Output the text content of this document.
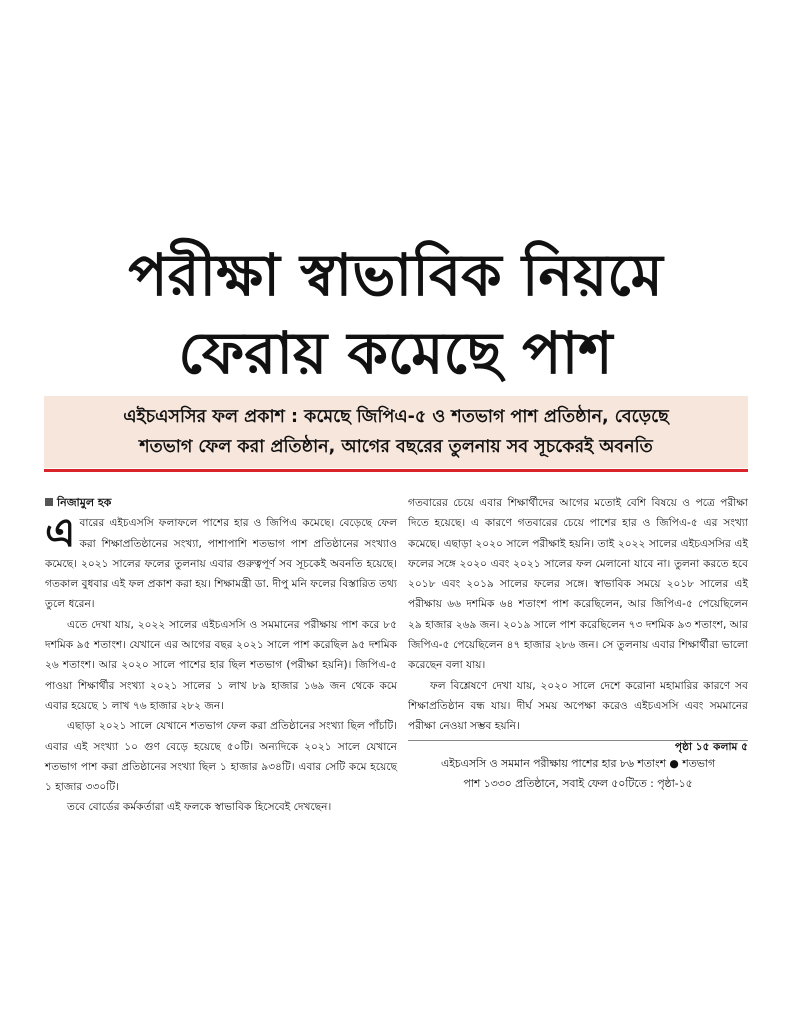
পরীক্ষা স্বাভাবিক নিয়মে
ফেরায় কমেছে পাশ
এইচএসসির ফল প্রকাশ : কমেছে জিপিএ-৫ ও শতভাগ পাশ প্রতিষ্ঠান, বেড়েছে
শতভাগ ফেল করা প্রতিষ্ঠান, আগের বছরের তুলনায় সব সূচকেরই অবনতি
নিজামুল হক

এবারের এইচএসসি ফলাফলে পাশের হার ও জিপিএ কমেছে। বেড়েছে ফেল করা শিক্ষাপ্রতিষ্ঠানের সংখ্যা, পাশাপাশি শতভাগ পাশ প্রতিষ্ঠানের সংখ্যাও কমেছে। ২০২১ সালের ফলের তুলনায় এবার গুরুত্বপূর্ণ সব সূচকেই অবনতি হয়েছে। গতকাল বুধবার এই ফল প্রকাশ করা হয়। শিক্ষামন্ত্রী ডা. দীপু মনি ফলের বিস্তারিত তথ্য তুলে ধরেন।

এতে দেখা যায়, ২০২২ সালের এইচএসসি ও সমমানের পরীক্ষায় পাশ করে ৮৫ দশমিক ৯৫ শতাংশ। যেখানে এর আগের বছর ২০২১ সালে পাশ করেছিল ৯৫ দশমিক ২৬ শতাংশ। আর ২০২০ সালে পাশের হার ছিল শতভাগ (পরীক্ষা হয়নি)। জিপিএ-৫ পাওয়া শিক্ষার্থীর সংখ্যা ২০২১ সালের ১ লাখ ৮৯ হাজার ১৬৯ জন থেকে কমে এবার হয়েছে ১ লাখ ৭৬ হাজার ২৮২ জন।

এছাড়া ২০২১ সালে যেখানে শতভাগ ফেল করা প্রতিষ্ঠানের সংখ্যা ছিল পাঁচটি। এবার এই সংখ্যা ১০ গুণ বেড়ে হয়েছে ৫০টি। অন্যদিকে ২০২১ সালে যেখানে শতভাগ পাশ করা প্রতিষ্ঠানের সংখ্যা ছিল ১ হাজার ৯৩৪টি। এবার সেটি কমে হয়েছে ১ হাজার ৩৩০টি।

তবে বোর্ডের কর্মকর্তারা এই ফলকে স্বাভাবিক হিসেবেই দেখছেন।

গতবারের চেয়ে এবার শিক্ষার্থীদের আগের মতোই বেশি বিষয়ে ও পত্রে পরীক্ষা দিতে হয়েছে। এ কারণে গতবারের চেয়ে পাশের হার ও জিপিএ-৫ এর সংখ্যা কমেছে। এছাড়া ২০২০ সালে পরীক্ষাই হয়নি। তাই ২০২২ সালের এইচএসসির এই ফলের সঙ্গে ২০২০ এবং ২০২১ সালের ফল মেলানো যাবে না। তুলনা করতে হবে ২০১৮ এবং ২০১৯ সালের ফলের সঙ্গে। স্বাভাবিক সময়ে ২০১৮ সালের এই পরীক্ষায় ৬৬ দশমিক ৬৪ শতাংশ পাশ করেছিলেন, আর জিপিএ-৫ পেয়েছিলেন ২৯ হাজার ২৬৯ জন। ২০১৯ সালে পাশ করেছিলেন ৭৩ দশমিক ৯৩ শতাংশ, আর জিপিএ-৫ পেয়েছিলেন ৪৭ হাজার ২৮৬ জন। সে তুলনায় এবার শিক্ষার্থীরা ভালো করেছেন বলা যায়।

ফল বিশ্লেষণে দেখা যায়, ২০২০ সালে দেশে করোনা মহামারির কারণে সব শিক্ষাপ্রতিষ্ঠান বন্ধ যায়। দীর্ঘ সময় অপেক্ষা করেও এইচএসসি এবং সমমানের পরীক্ষা নেওয়া সম্ভব হয়নি।

পৃষ্ঠা ১৫ কলাম ৫

এইচএসসি ও সমমান পরীক্ষায় পাশের হার ৮৬ শতাংশ ● শতভাগ
পাশ ১৩৩০ প্রতিষ্ঠানে, সবাই ফেল ৫০টিতে : পৃষ্ঠা-১৫
